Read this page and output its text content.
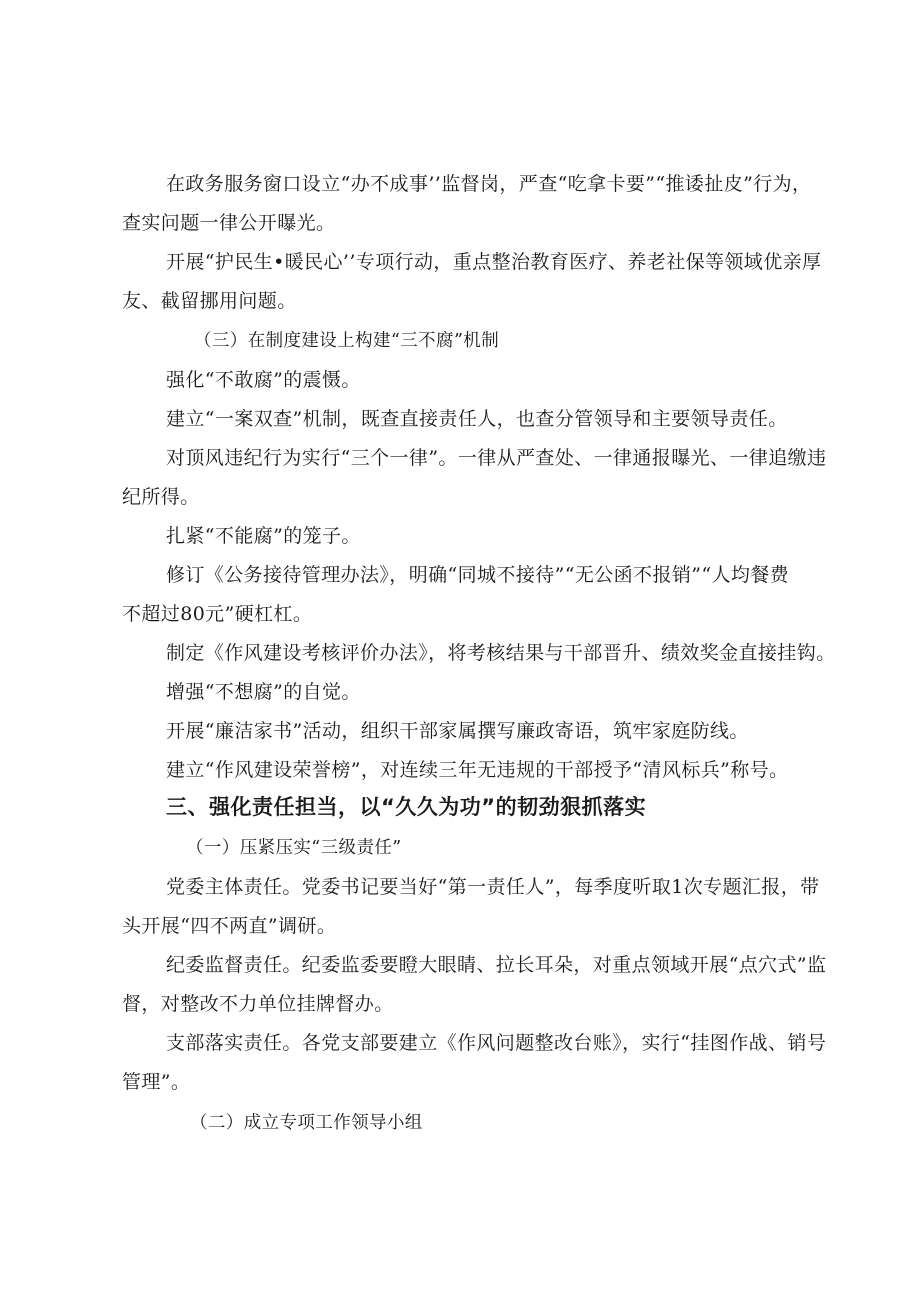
在政务服务窗口设立“办不成事’’监督岗，严查“吃拿卡要”“推诿扯皮”行为，
查实问题一律公开曝光。
开展“护民生•暖民心’’专项行动，重点整治教育医疗、养老社保等领域优亲厚
友、截留挪用问题。
（三）在制度建设上构建“三不腐”机制
强化“不敢腐”的震慑。
建立“一案双查”机制，既查直接责任人，也查分管领导和主要领导责任。
对顶风违纪行为实行“三个一律”。一律从严查处、一律通报曝光、一律追缴违
纪所得。
扎紧“不能腐”的笼子。
修订《公务接待管理办法》，明确“同城不接待”“无公函不报销”“人均餐费
不超过80元”硬杠杠。
制定《作风建设考核评价办法》，将考核结果与干部晋升、绩效奖金直接挂钩。
增强“不想腐”的自觉。
开展“廉洁家书”活动，组织干部家属撰写廉政寄语，筑牢家庭防线。
建立“作风建设荣誉榜”，对连续三年无违规的干部授予“清风标兵”称号。
三、强化责任担当，以“久久为功”的韧劲狠抓落实
（一）压紧压实“三级责任”
党委主体责任。党委书记要当好“第一责任人”，每季度听取1次专题汇报，带
头开展“四不两直”调研。
纪委监督责任。纪委监委要瞪大眼睛、拉长耳朵，对重点领域开展“点穴式”监
督，对整改不力单位挂牌督办。
支部落实责任。各党支部要建立《作风问题整改台账》，实行“挂图作战、销号
管理”。
（二）成立专项工作领导小组
